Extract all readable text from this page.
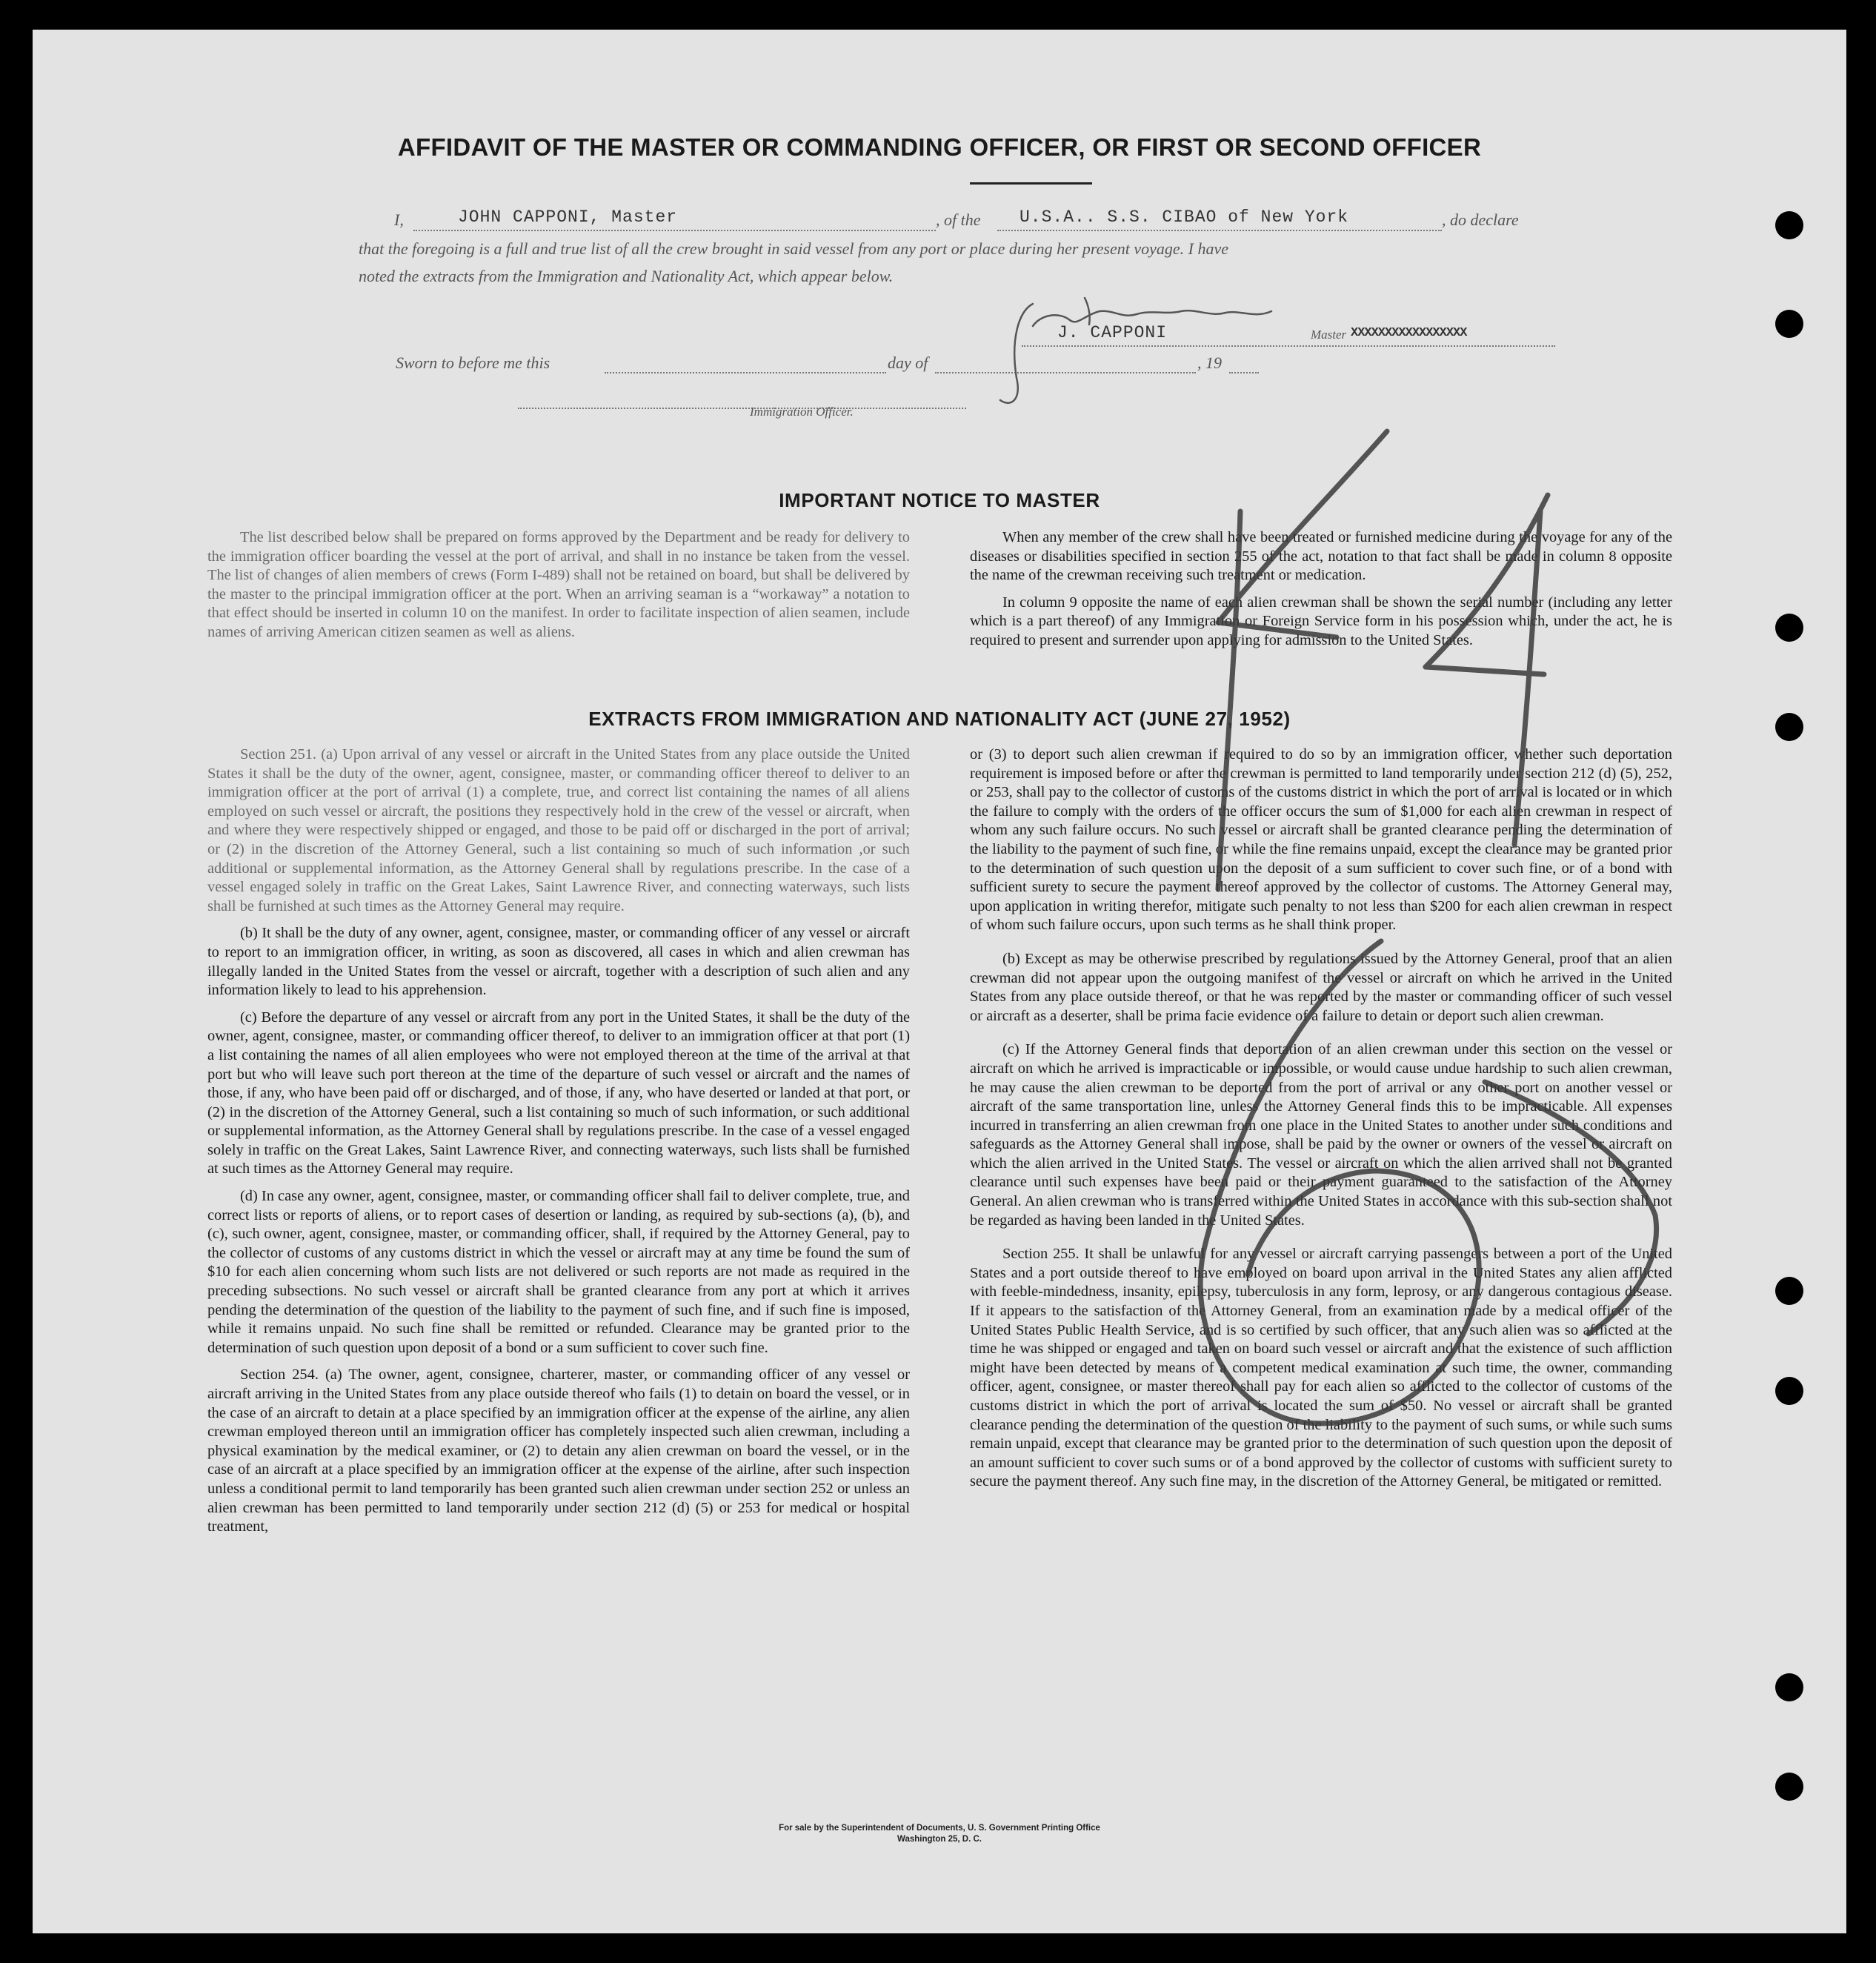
AFFIDAVIT OF THE MASTER OR COMMANDING OFFICER, OR FIRST OR SECOND OFFICER
I,	JOHN CAPPONI, Master	, of the U.S.A.. S.S. CIBAO of New York	, do declare
that the foregoing is a full and true list of all the crew brought in said vessel from any port or place during her present voyage. I have
noted the extracts from the Immigration and Nationality Act, which appear below.
J. CAPPONI	Master XXXXXXXXXXXXXXXXX
Sworn to before me this	day of	, 19
Immigration Officer.
IMPORTANT NOTICE TO MASTER

The list described below shall be prepared on forms approved by the Department and be ready for delivery to the immigration officer boarding the vessel at the port of arrival, and shall in no instance be taken from the vessel. The list of changes of alien members of crews (Form I-489) shall not be retained on board, but shall be delivered by the master to the principal immigration officer at the port. When an arriving seaman is a “workaway” a notation to that effect should be inserted in column 10 on the manifest. In order to facilitate inspection of alien seamen, include names of arriving American citizen seamen as well as aliens.

When any member of the crew shall have been treated or furnished medicine during the voyage for any of the diseases or disabilities specified in section 255 of the act, notation to that fact shall be made in column 8 opposite the name of the crewman receiving such treatment or medication.

In column 9 opposite the name of each alien crewman shall be shown the serial number (including any letter which is a part thereof) of any Immigration or Foreign Service form in his possession which, under the act, he is required to present and surrender upon applying for admission to the United States.

EXTRACTS FROM IMMIGRATION AND NATIONALITY ACT (JUNE 27, 1952)

Section 251. (a) Upon arrival of any vessel or aircraft in the United States from any place outside the United States it shall be the duty of the owner, agent, consignee, master, or commanding officer thereof to deliver to an immigration officer at the port of arrival (1) a complete, true, and correct list containing the names of all aliens employed on such vessel or aircraft, the positions they respectively hold in the crew of the vessel or aircraft, when and where they were respectively shipped or engaged, and those to be paid off or discharged in the port of arrival; or (2) in the discretion of the Attorney General, such a list containing so much of such information ,or such additional or supplemental information, as the Attorney General shall by regulations prescribe. In the case of a vessel engaged solely in traffic on the Great Lakes, Saint Lawrence River, and connecting waterways, such lists shall be furnished at such times as the Attorney General may require.

(b) It shall be the duty of any owner, agent, consignee, master, or commanding officer of any vessel or aircraft to report to an immigration officer, in writing, as soon as discovered, all cases in which and alien crewman has illegally landed in the United States from the vessel or aircraft, together with a description of such alien and any information likely to lead to his apprehension.

(c) Before the departure of any vessel or aircraft from any port in the United States, it shall be the duty of the owner, agent, consignee, master, or commanding officer thereof, to deliver to an immigration officer at that port (1) a list containing the names of all alien employees who were not employed thereon at the time of the arrival at that port but who will leave such port thereon at the time of the departure of such vessel or aircraft and the names of those, if any, who have been paid off or discharged, and of those, if any, who have deserted or landed at that port, or (2) in the discretion of the Attorney General, such a list containing so much of such information, or such additional or supplemental information, as the Attorney General shall by regulations prescribe. In the case of a vessel engaged solely in traffic on the Great Lakes, Saint Lawrence River, and connecting waterways, such lists shall be furnished at such times as the Attorney General may require.

(d) In case any owner, agent, consignee, master, or commanding officer shall fail to deliver complete, true, and correct lists or reports of aliens, or to report cases of desertion or landing, as required by sub-sections (a), (b), and (c), such owner, agent, consignee, master, or commanding officer, shall, if required by the Attorney General, pay to the collector of customs of any customs district in which the vessel or aircraft may at any time be found the sum of $10 for each alien concerning whom such lists are not delivered or such reports are not made as required in the preceding subsections. No such vessel or aircraft shall be granted clearance from any port at which it arrives pending the determination of the question of the liability to the payment of such fine, and if such fine is imposed, while it remains unpaid. No such fine shall be remitted or refunded. Clearance may be granted prior to the determination of such question upon deposit of a bond or a sum sufficient to cover such fine.

Section 254. (a) The owner, agent, consignee, charterer, master, or commanding officer of any vessel or aircraft arriving in the United States from any place outside thereof who fails (1) to detain on board the vessel, or in the case of an aircraft to detain at a place specified by an immigration officer at the expense of the airline, any alien crewman employed thereon until an immigration officer has completely inspected such alien crewman, including a physical examination by the medical examiner, or (2) to detain any alien crewman on board the vessel, or in the case of an aircraft at a place specified by an immigration officer at the expense of the airline, after such inspection unless a conditional permit to land temporarily has been granted such alien crewman under section 252 or unless an alien crewman has been permitted to land temporarily under section 212 (d) (5) or 253 for medical or hospital treatment,

or (3) to deport such alien crewman if required to do so by an immigration officer, whether such deportation requirement is imposed before or after the crewman is permitted to land temporarily under section 212 (d) (5), 252, or 253, shall pay to the collector of customs of the customs district in which the port of arrival is located or in which the failure to comply with the orders of the officer occurs the sum of $1,000 for each alien crewman in respect of whom any such failure occurs. No such vessel or aircraft shall be granted clearance pending the determination of the liability to the payment of such fine, or while the fine remains unpaid, except the clearance may be granted prior to the determination of such question upon the deposit of a sum sufficient to cover such fine, or of a bond with sufficient surety to secure the payment thereof approved by the collector of customs. The Attorney General may, upon application in writing therefor, mitigate such penalty to not less than $200 for each alien crewman in respect of whom such failure occurs, upon such terms as he shall think proper.

(b) Except as may be otherwise prescribed by regulations issued by the Attorney General, proof that an alien crewman did not appear upon the outgoing manifest of the vessel or aircraft on which he arrived in the United States from any place outside thereof, or that he was reported by the master or commanding officer of such vessel or aircraft as a deserter, shall be prima facie evidence of a failure to detain or deport such alien crewman.

(c) If the Attorney General finds that deportation of an alien crewman under this section on the vessel or aircraft on which he arrived is impracticable or impossible, or would cause undue hardship to such alien crewman, he may cause the alien crewman to be deported from the port of arrival or any other port on another vessel or aircraft of the same transportation line, unless the Attorney General finds this to be impracticable. All expenses incurred in transferring an alien crewman from one place in the United States to another under such conditions and safeguards as the Attorney General shall impose, shall be paid by the owner or owners of the vessel or aircraft on which the alien arrived in the United States. The vessel or aircraft on which the alien arrived shall not be granted clearance until such expenses have been paid or their payment guaranteed to the satisfaction of the Attorney General. An alien crewman who is transferred within the United States in accordance with this sub-section shall not be regarded as having been landed in the United States.

Section 255. It shall be unlawful for any vessel or aircraft carrying passengers between a port of the United States and a port outside thereof to have employed on board upon arrival in the United States any alien afflicted with feeble-mindedness, insanity, epilepsy, tuberculosis in any form, leprosy, or any dangerous contagious disease. If it appears to the satisfaction of the Attorney General, from an examination made by a medical officer of the United States Public Health Service, and is so certified by such officer, that any such alien was so afflicted at the time he was shipped or engaged and taken on board such vessel or aircraft and that the existence of such affliction might have been detected by means of a competent medical examination at such time, the owner, commanding officer, agent, consignee, or master thereof shall pay for each alien so afflicted to the collector of customs of the customs district in which the port of arrival is located the sum of $50. No vessel or aircraft shall be granted clearance pending the determination of the question of the liability to the payment of such sums, or while such sums remain unpaid, except that clearance may be granted prior to the determination of such question upon the deposit of an amount sufficient to cover such sums or of a bond approved by the collector of customs with sufficient surety to secure the payment thereof. Any such fine may, in the discretion of the Attorney General, be mitigated or remitted.

For sale by the Superintendent of Documents, U. S. Government Printing Office
Washington 25, D. C.
